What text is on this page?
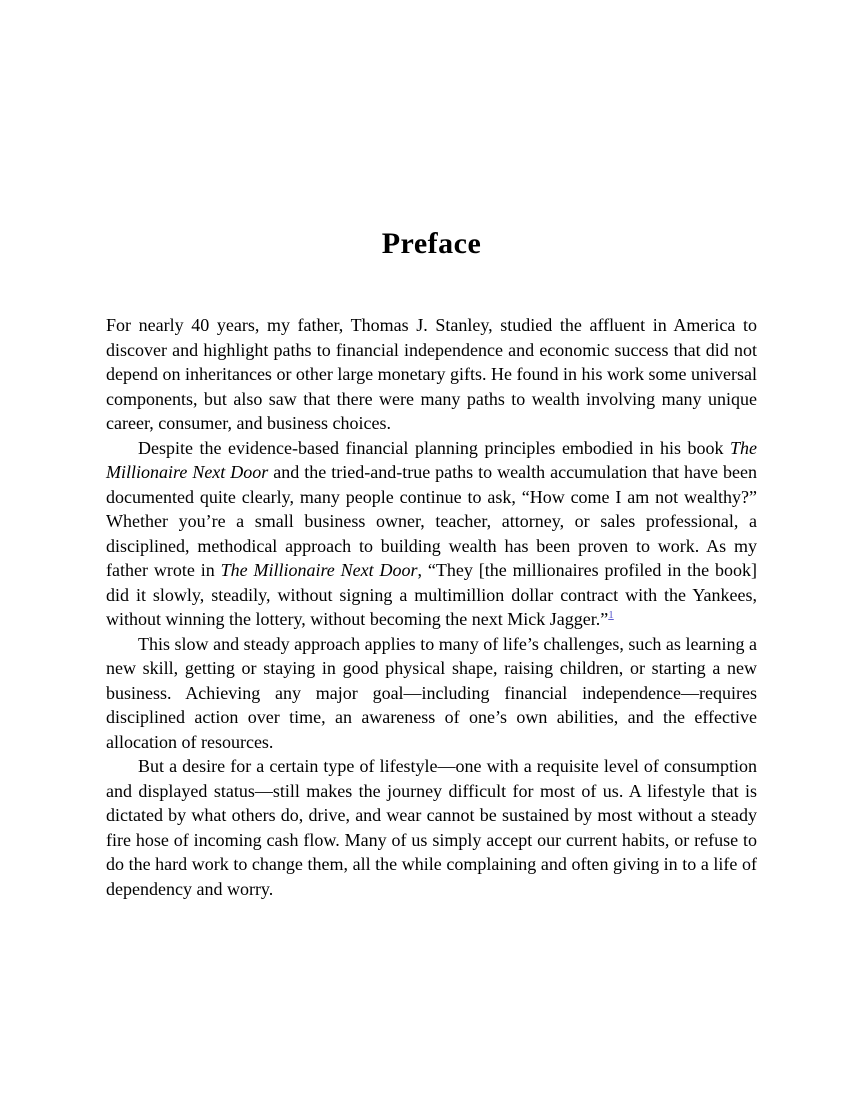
Preface

For nearly 40 years, my father, Thomas J. Stanley, studied the affluent in America to discover and highlight paths to financial independence and economic success that did not depend on inheritances or other large monetary gifts. He found in his work some universal components, but also saw that there were many paths to wealth involving many unique career, consumer, and business choices.

Despite the evidence-based financial planning principles embodied in his book The Millionaire Next Door and the tried-and-true paths to wealth accumulation that have been documented quite clearly, many people continue to ask, “How come I am not wealthy?” Whether you’re a small business owner, teacher, attorney, or sales professional, a disciplined, methodical approach to building wealth has been proven to work. As my father wrote in The Millionaire Next Door, “They [the millionaires profiled in the book] did it slowly, steadily, without signing a multimillion dollar contract with the Yankees, without winning the lottery, without becoming the next Mick Jagger.”$^1$

This slow and steady approach applies to many of life’s challenges, such as learning a new skill, getting or staying in good physical shape, raising children, or starting a new business. Achieving any major goal—including financial independence—requires disciplined action over time, an awareness of one’s own abilities, and the effective allocation of resources.

But a desire for a certain type of lifestyle—one with a requisite level of consumption and displayed status—still makes the journey difficult for most of us. A lifestyle that is dictated by what others do, drive, and wear cannot be sustained by most without a steady fire hose of incoming cash flow. Many of us simply accept our current habits, or refuse to do the hard work to change them, all the while complaining and often giving in to a life of dependency and worry.
